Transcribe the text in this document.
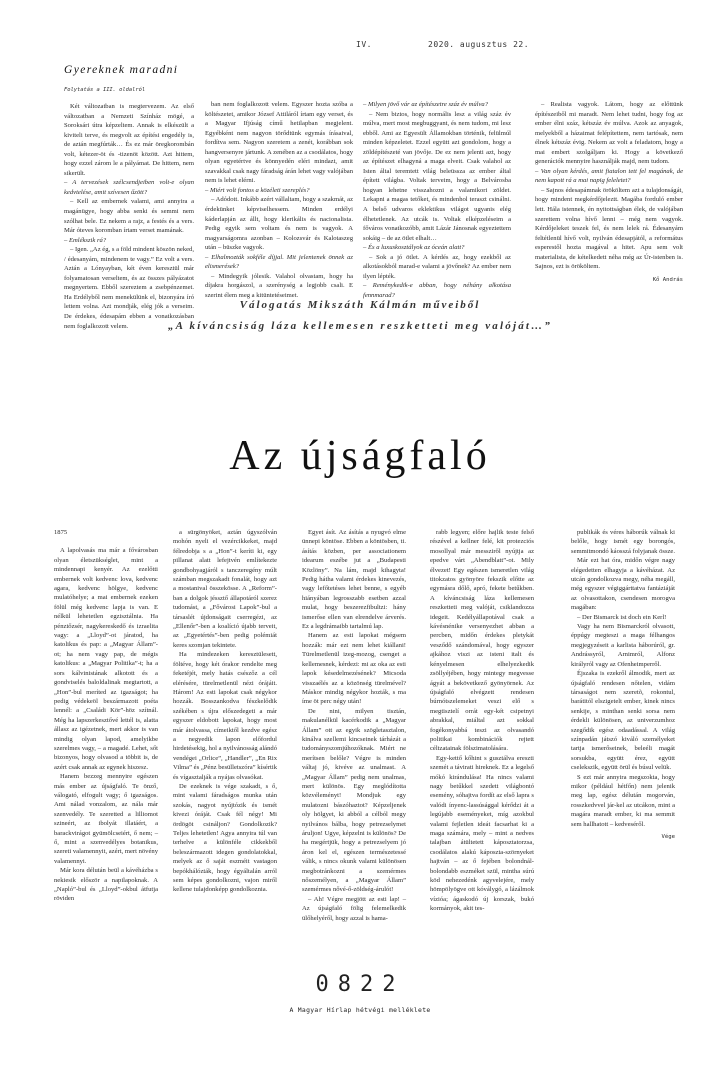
IV.	2020. augusztus 22.
Gyereknek maradni
Folytatás a III. oldalról

Két változatban is megtervezem. Az első változatban a Nemzeti Színház mögé, a Soroksári útra képzeltem. Annak is elkészült a kiviteli terve, és megvolt az építési engedély is, de aztán megfúrták… És ez már öregkorombán volt, kétezer-öt és -tizenöt között. Azt hittem, hogy ezzel zárom le a pályámat. De hittem, nem sikerült.

– A tervezések szélcsendjeiben volt-e olyan kedvtelése, amit szívesen űzött?

– Kell az embernek valami, ami annyira a magánügye, hogy abba senki és semmi nem szólhat bele. Ez nekem a rajz, a festés és a vers. Már óteves koromban írtam verset mamának.

– Emlékszik rá?

– Igen. „Az ég, s a föld mindent köszön neked, / édesanyám, mindenem te vagy.” Ez volt a vers. Aztán a Lónyayban, két éven keresztül már folyamatosan verseltem, és az összes pályázatot megnyertem. Ebből szereztem a zsebpénzemet. Ha Erdélyből nem menekülünk el, bizonyára író lettem volna. Azt mondják, elég jók a verseim. De érdekes, édesapám ebben a vonatkozásban nem foglalkozott velem.

ban nem foglalkozott velem. Egyszer hozta szóba a költészetet, amikor József Attiláról írtam egy verset, és a Magyar Ifjúság című hetilapban megjelent. Egyébként nem nagyon törődtünk egymás írásaival, fordítva sem. Nagyon szeretem a zenét, korábban sok hangversenyre jártunk. A zenében az a csodálatos, hogy olyan egyetértve és könnyedén eléri mindazt, amit szavakkal csak nagy fáradság árán lehet vagy valójában nem is lehet elérni.

– Miért volt fontos a közéleti szereplés?

– Adódott. Inkább azért vállaltam, hogy a szakmát, az érdekünket képviselhessem. Minden erdélyi káderlapján az állt, hogy klerikális és nacionalista. Pedig egyik sem voltam és nem is vagyok. A magyarságomra azonban – Kolozsvár és Kalotaszeg után – büszke vagyok.

– Elhalmozták sokféle díjjal. Mit jelentenek önnek az elismerések?

– Mindegyik jólesik. Valahol olvastam, hogy ha díjakra horgászol, a szerénység a legjobb csali. E szerint élem meg a kitüntetéseimet.

– Milyen jövő vár az építészetre száz év múlva?

– Nem biztos, hogy normális lesz a világ száz év múlva, mert most megbuggyant, és nem tudom, mi lesz ebből. Ami az Egyesült Államokban történik, felülmúl minden képzeletet. Ezzel együtt azt gondolom, hogy a zöldépítészeté van jövője. De ez nem jelenti azt, hogy az építészet elhagyná a maga elveit. Csak valahol az Isten által teremtett világ beleüssza az ember által épített világba. Voltak terveim, hogy a Belvárosba hogyan lehetne visszahozni a valamikori zöldet. Lekapni a magas tetőket, és mindenhol teraszt csinálni. A belső udvaros eklektikus világot ugyanis elég élhetetlenek. Az utcák is. Voltak elképzeléseim a főváros vonatkozóbb, amit Lázár Jánosnak egyeztettem sokáig – de az ötlet elhalt…

– És a luxuskosztályok az óceán alatt?

– Sok a jó ötlet. A kérdés az, hogy ezekből az alkotásokból marad-e valami a jövőnek? Az ember nem ilyen lépték.

– Reménykedik-e abban, hogy néhány alkotása fennmarad?

– Realista vagyok. Látom, hogy az előttünk építészeiből mi maradt. Nem lehet tudni, hogy fog az ember élni száz, kétszáz év múlva. Azok az anyagok, melyekből a házaimat felépítettem, nem tartósak, nem élnek kétszáz évig. Nekem az volt a feladatom, hogy a mai embert szolgáljam ki. Hogy a következő generációk mennyire használják majd, nem tudom.

– Van olyan kérdés, amit fiatalon tett fel magának, de nem kapott rá a mai napig feleletet?

– Sajnos édesapámnak örököltem azt a tulajdonságát, hogy mindent megkérdőjeleztt. Magába forduló ember lett. Hála istennek, én nyitottságban élek, de valójában szerettem volna hívő lenni – még nem vagyok. Kérdőjeleket teszek fel, és nem lelek rá. Édesanyám feltétlenül hívő volt, nyilván édesapjától, a református esperestől hozta magával a hitet. Apu sem volt materialista, de kételkedett néha még az Úr-istenben is. Sajnos, ezt is örököltem.

Kő András

Válogatás Mikszáth Kálmán műveiből
„A kíváncsiság láza kellemesen reszketteti meg valóját…”
Az újságfaló

1875

A lapolvasás ma már a fővárosban olyan életszükséglet, mint a mindennapi kenyér. Az ezelőtti embernek volt kedvenc lova, kedvenc agara, kedvenc hölgye, kedvenc mulatóhelye; a mai embernek ezeken fölül még kedvenc lapja is van. E nélkül lehetetlen egzisztálnia. Ha pénztőzsér, nagykereskedő és izraelita vagy: a „Lloyd”-ot járatod, ha katolikus és pap: a „Magyar Állam”-ot; ha nem vagy pap, de mégis katolikus: a „Magyar Politika”-t; ha a sors kálvinistának alkotott és a gondviselés baloldalinak megtartott, a „Hon”-bul meríted az igazságot; ha pedig védekeöl beszármazott poéta lennél: a „Családi Kör”-höz szítnál. Még ha lapszerkesztővé lettél is, alatta állasz az igézetnek, mert akkor is van mindig olyan lapod, amelyikbe szerelmes vagy, – a magadé. Lehet, sőt bizonyos, hogy olvasod a többit is, de azért csak annak az egynek hiszesz.

Hanem bezzeg mennyire egészen más ember az újságfaló. Te önző, válogató, elfogult vagy; ő igazságos. Ami nálad vonzalom, az nála már szenvedély. Te szeretted a lilliomot szineért, az ibolyát illatáért, a barackvirágot gyümölcseiért, ő nem; – ő, mint a szenvedélyes botanikus, szereti valamennyit, azért, mert növény valamennyi.

Már kora délután beül a kávéházba s nekiesik először a napilapoknak. A „Napló”-bul és „Lloyd”-okbul átfutja röviden

a sürgönyöket, aztán úgyszólván mohón nyeli el vezércikkeket, majd félredobja s a „Hon”-t keríti ki, egy pillanat alatt lefejtvén említekezte gondbohyagjáról s tanczeregény múlt számban megszakadt fonalát, hogy azt a mostanival összekösse. A „Reform”-ban a dolgok jéssztő állapotáról szerez tudomást, a „Fővárosi Lapok”-bul a társaslét újdonságait cserregézi, az „Ellenőr”-ben a koalíció újabb terveit, az „Egyetértés”-ben pedig polémiát keres szomjan tekintete.

Ha mindezeken keresztülesett, föltéve, hogy két órakor rendelte meg feketéjét, mely hatás csészőz a cél elérésére, türelmetlenül nézi órájáit. Három! Az esti lapokat csak négykor hozzák. Bosszankodva fészkelődik székében s újra előszedegeti a már egyszer eldobott lapokat, hogy most már átolvassa, címeiktől kezdve egész a negyedik lapon előfordul hirdetésekig, hol a nyilvánosság alándó vendégei „Orlice”, „Handler”, „En Rix Vilma” és „Pénz besülletszóra” kísértik és vígasztalják a nyájas olvasókat.

De ezeknek is vége szakadt, s ő, mint valami fáradságos munka után szokás, nagyot nyújtózik és ismét kivezi óráját. Csak fél négy! Mi ördögöt csináljon? Gondolkozik? Teljes lehetetlen! Agya annyira túl van terhelve a különféle cikkekből beleszármazott idegen gondolatokkal, melyek az ő saját eszméit vastagon bepókhálózták, hogy égyáltalán arról sem képes gondolkozni, vajon miről kellene tulajdonképp gondolkoznia.

Egyet ásít. Az ásítás a nyugvó elme ünnepi köntöse. Ebben a köntösben, ti. ásítás közben, per associationem idearum eszébe jut a „Budapesti Közlöny”. Na lám, majd kihagyta! Pedig hátha valami érdekes kinevezés, vagy lefőtetéses lehet benne, s egyéb hiányában legrosszabb esetben azzal mulat, hogy beszerezfibultzi: hány ismerőse ellen van elrendelve árverés. Ez a legdrámaibb tartalmú lap.

Hanem az esti lapokat mégsem hozzák: már ezt nem lehet kiállani! Türelmetlenül izeg-mozog, csenget a kellemesnek, kérdezi: mi az oka az esti lapok késedelmezésének? Micsoda visszaélés az a közönség türelmével? Máskor mindig négykor hozták, s ma íme öt perc négy után!

De nini, milyen tisztán, makulanélkül kacérkodik a „Magyar Állam” ott az egyik szögletasztalon, kinálva szellemi kincseinek tárházát a tudományszomjúhozóknak. Miért ne merítsen belőle? Végre is minden váltaj jó, kivéve az unalmast. A „Magyar Állam” pedig nem unalmas, mert különös. Egy meglódította közvéleményt! Mondjuk egy mulatozni bászóhaztot? Képzeljenek oly hölgyet, ki abból a célból megy nyilvános bálba, hogy petrezselymet áruljon! Ugye, képzelni is különös? De ha megértjük, hogy a petrezselyem jó áron kel el, egészen természetessé válik, s nincs okunk valami különösen megbotránkozni a szemérmes nőszemélyen, a „Magyar Állam” szemérmes nővé-ő-zöldség-árulót!

– Ah! Végre megjött az esti lap! – Az újságfaló fölig felemelkedik ülőhelyéről, hogy azzal is hama-

rabb legyen; előre hajlik teste felső részével a kellner felé, kit protezciós mosollyal már messziről nyújtja az epedve várt „Abendblatt”-ot. Mily élvezet! Egy egészen ismeretlen világ titokzatos gyönyöre fekszik előtte az egymásra dőlő, apró, fekete betűkben. A kíváncsiság láza kellemesen reszketteti meg valóját, csiklandozza idegeit. Kedélyállapotával csak a kávésnénike versenyezhet abban a percben, midőn érdekes pletykát vesződő szándomával, hogy egyszer ajkához viszi az isteni italt és kényelmesen elhelyezkedik zsöllyéjében, hogy mintegy megvesse ágyát a bekövetkező gyönyörnek. Az újságfaló elvégzett rendesen búrnótszelemeket veszi elő s megtisztelí orrát egy-két csipetnyi abrakkal, miáltal azt sokkal fogékonyabbá teszi az olvasandó politikai kombinációk rejtett céltzatainak fölszimatolására.

Egy-kettő kőhint s gusztálva ereszti szemét a távirati hireknek. Ez a legelső mókó kirándulása! Ha nincs valami nagy betűkkel szedett világbontó esemény, sóhajtva fordít az első lapra s valódi ínyenc-lassúsággal kérődzi át a legújabb eseményeket, míg azokbul valami fejletlen ideát facsarhat ki a maga számára, mely – mint a nedves talajban átültetett káposztatorzsa, csodálatos alakú káposzta-szörnyeket hajtván – az ő fejében bolondnál-bolondabb eszméket szül, mintha súrú köd nehezedénk agyvelejére, mely hömpölyögve ott kóválygó, a lázálmok vízióa; ágaskodó új korszak, bukó kormányok, akit tes-

publikák és véres háborúk válnak ki belőle, hogy ismét egy borongós, semmitmondó káosszá folyjanak össze.

Már ezt hat óra, midőn végre nagy elégedetten elhagyja a kávéházat. Az utcán gondolkozva megy, néha megáll, még egyszer végiggárttatva fantáziáját az olvasottakon, csendesen morogva magában:

– Der Bismarck ist doch ein Kerl!

Vagy ha nem Bismarckról olvasott, éppúgy megteszi a maga félhangos megjegyzéseit a karlista háborúról, gr. Andrássyról, Arnimról, Alfonz királyról vagy az Ofenheimperről.

Éjszaka is ezekről álmodik, mert az újságfaló rendesen nőtelen, vidám társaságot nem szeretõ, rokontul, barátitól elszigetelt ember, kinek nincs senkije, s minthan senki sorsa nem érdekli különösen, az univerzumhoz szegődik egész odaadással. A világ színpadán játszó kiváló személyeket tartja ismerőseinek, beleéli magát sorsukba, együtt érez, együtt cselekszik, együtt örül és búsul velük.

S ezt már annyira megszokta, hogy mikor (például hétfőn) nem jelenik meg lap, egész délután mogorván, rosszkedvvel jár-kel az utcákon, mint a magára maradt ember, ki ma semmit sem hallhatott – kedveséről.

Vége

0822
A Magyar Hírlap hétvégi melléklete
